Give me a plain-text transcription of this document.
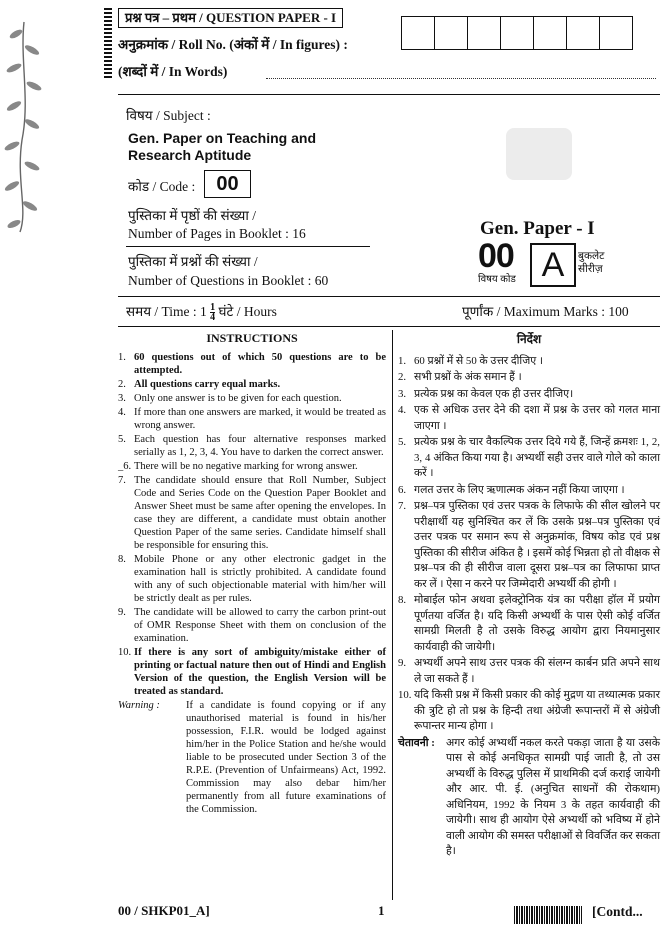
प्रश्न पत्र – प्रथम / QUESTION PAPER - I
अनुक्रमांक / Roll No. (अंकों में / In figures) :
(शब्दों में / In Words)
विषय / Subject :
Gen. Paper on Teaching and
Research Aptitude
कोड / Code :	00
पुस्तिका में पृष्ठों की संख्या /
Number of Pages in Booklet : 16
पुस्तिका में प्रश्नों की संख्या /
Number of Questions in Booklet : 60
Gen. Paper - I
00
विषय कोड A	बुकलेट
सीरीज़
समय / Time : $1 \frac{1}{4}$ घंटे / Hours	पूर्णांक / Maximum Marks : 100
INSTRUCTIONS
1. 60 questions out of which 50 questions are to be attempted.
2. All questions carry equal marks.
3. Only one answer is to be given for each question.
4. If more than one answers are marked, it would be treated as wrong answer.
5. Each question has four alternative responses marked serially as 1, 2, 3, 4. You have to darken the correct answer.
_6. There will be no negative marking for wrong answer.
7. The candidate should ensure that Roll Number, Subject Code and Series Code on the Question Paper Booklet and Answer Sheet must be same after opening the envelopes. In case they are different, a candidate must obtain another Question Paper of the same series. Candidate himself shall be responsible for ensuring this.
8. Mobile Phone or any other electronic gadget in the examination hall is strictly prohibited. A candidate found with any of such objectionable material with him/her will be strictly dealt as per rules.
9. The candidate will be allowed to carry the carbon print-out of OMR Response Sheet with them on conclusion of the examination.
10. If there is any sort of ambiguity/mistake either of printing or factual nature then out of Hindi and English Version of the question, the English Version will be treated as standard.
Warning :	If a candidate is found copying or if any unauthorised material is found in his/her possession, F.I.R. would be lodged against him/her in the Police Station and he/she would liable to be prosecuted under Section 3 of the R.P.E. (Prevention of Unfairmeans) Act, 1992. Commission may also debar him/her permanently from all future examinations of the Commission.
निर्देश
1. 60 प्रश्नों में से 50 के उत्तर दीजिए ।
2. सभी प्रश्नों के अंक समान हैं ।
3. प्रत्येक प्रश्न का केवल एक ही उत्तर दीजिए।
4. एक से अधिक उत्तर देने की दशा में प्रश्न के उत्तर को गलत माना जाएगा ।
5. प्रत्येक प्रश्न के चार वैकल्पिक उत्तर दिये गये हैं, जिन्हें क्रमशः 1, 2, 3, 4 अंकित किया गया है। अभ्यर्थी सही उत्तर वाले गोले को काला करें ।
6. गलत उत्तर के लिए ऋणात्मक अंकन नहीं किया जाएगा ।
7. प्रश्न–पत्र पुस्तिका एवं उत्तर पत्रक के लिफाफे की सील खोलने पर परीक्षार्थी यह सुनिश्चित कर लें कि उसके प्रश्न–पत्र पुस्तिका एवं उत्तर पत्रक पर समान रूप से अनुक्रमांक, विषय कोड एवं प्रश्न पुस्तिका की सीरीज अंकित है । इसमें कोई भिन्नता हो तो वीक्षक से प्रश्न–पत्र की ही सीरीज वाला दूसरा प्रश्न–पत्र का लिफाफा प्राप्त कर लें । ऐसा न करने पर जिम्मेदारी अभ्यर्थी की होगी ।
8. मोबाईल फोन अथवा इलेक्ट्रोनिक यंत्र का परीक्षा हॉल में प्रयोग पूर्णतया वर्जित है। यदि किसी अभ्यर्थी के पास ऐसी कोई वर्जित सामग्री मिलती है तो उसके विरुद्ध आयोग द्वारा नियमानुसार कार्यवाही की जायेगी।
9. अभ्यर्थी अपने साथ उत्तर पत्रक की संलग्न कार्बन प्रति अपने साथ ले जा सकते हैं ।
10. यदि किसी प्रश्न में किसी प्रकार की कोई मुद्रण या तथ्यात्मक प्रकार की त्रुटि हो तो प्रश्न के हिन्दी तथा अंग्रेजी रूपान्तरों में से अंग्रेजी रूपान्तर मान्य होगा ।
चेतावनी :	अगर कोई अभ्यर्थी नकल करते पकड़ा जाता है या उसके पास से कोई अनधिकृत सामग्री पाई जाती है, तो उस अभ्यर्थी के विरुद्ध पुलिस में प्राथमिकी दर्ज कराई जायेगी और आर. पी. ई. (अनुचित साधनों की रोकथाम) अधिनियम, 1992 के नियम 3 के तहत कार्यवाही की जायेगी। साथ ही आयोग ऐसे अभ्यर्थी को भविष्य में होने वाली आयोग की समस्त परीक्षाओं से विवर्जित कर सकता है।
00 / SHKP01_A]	1	[Contd...
